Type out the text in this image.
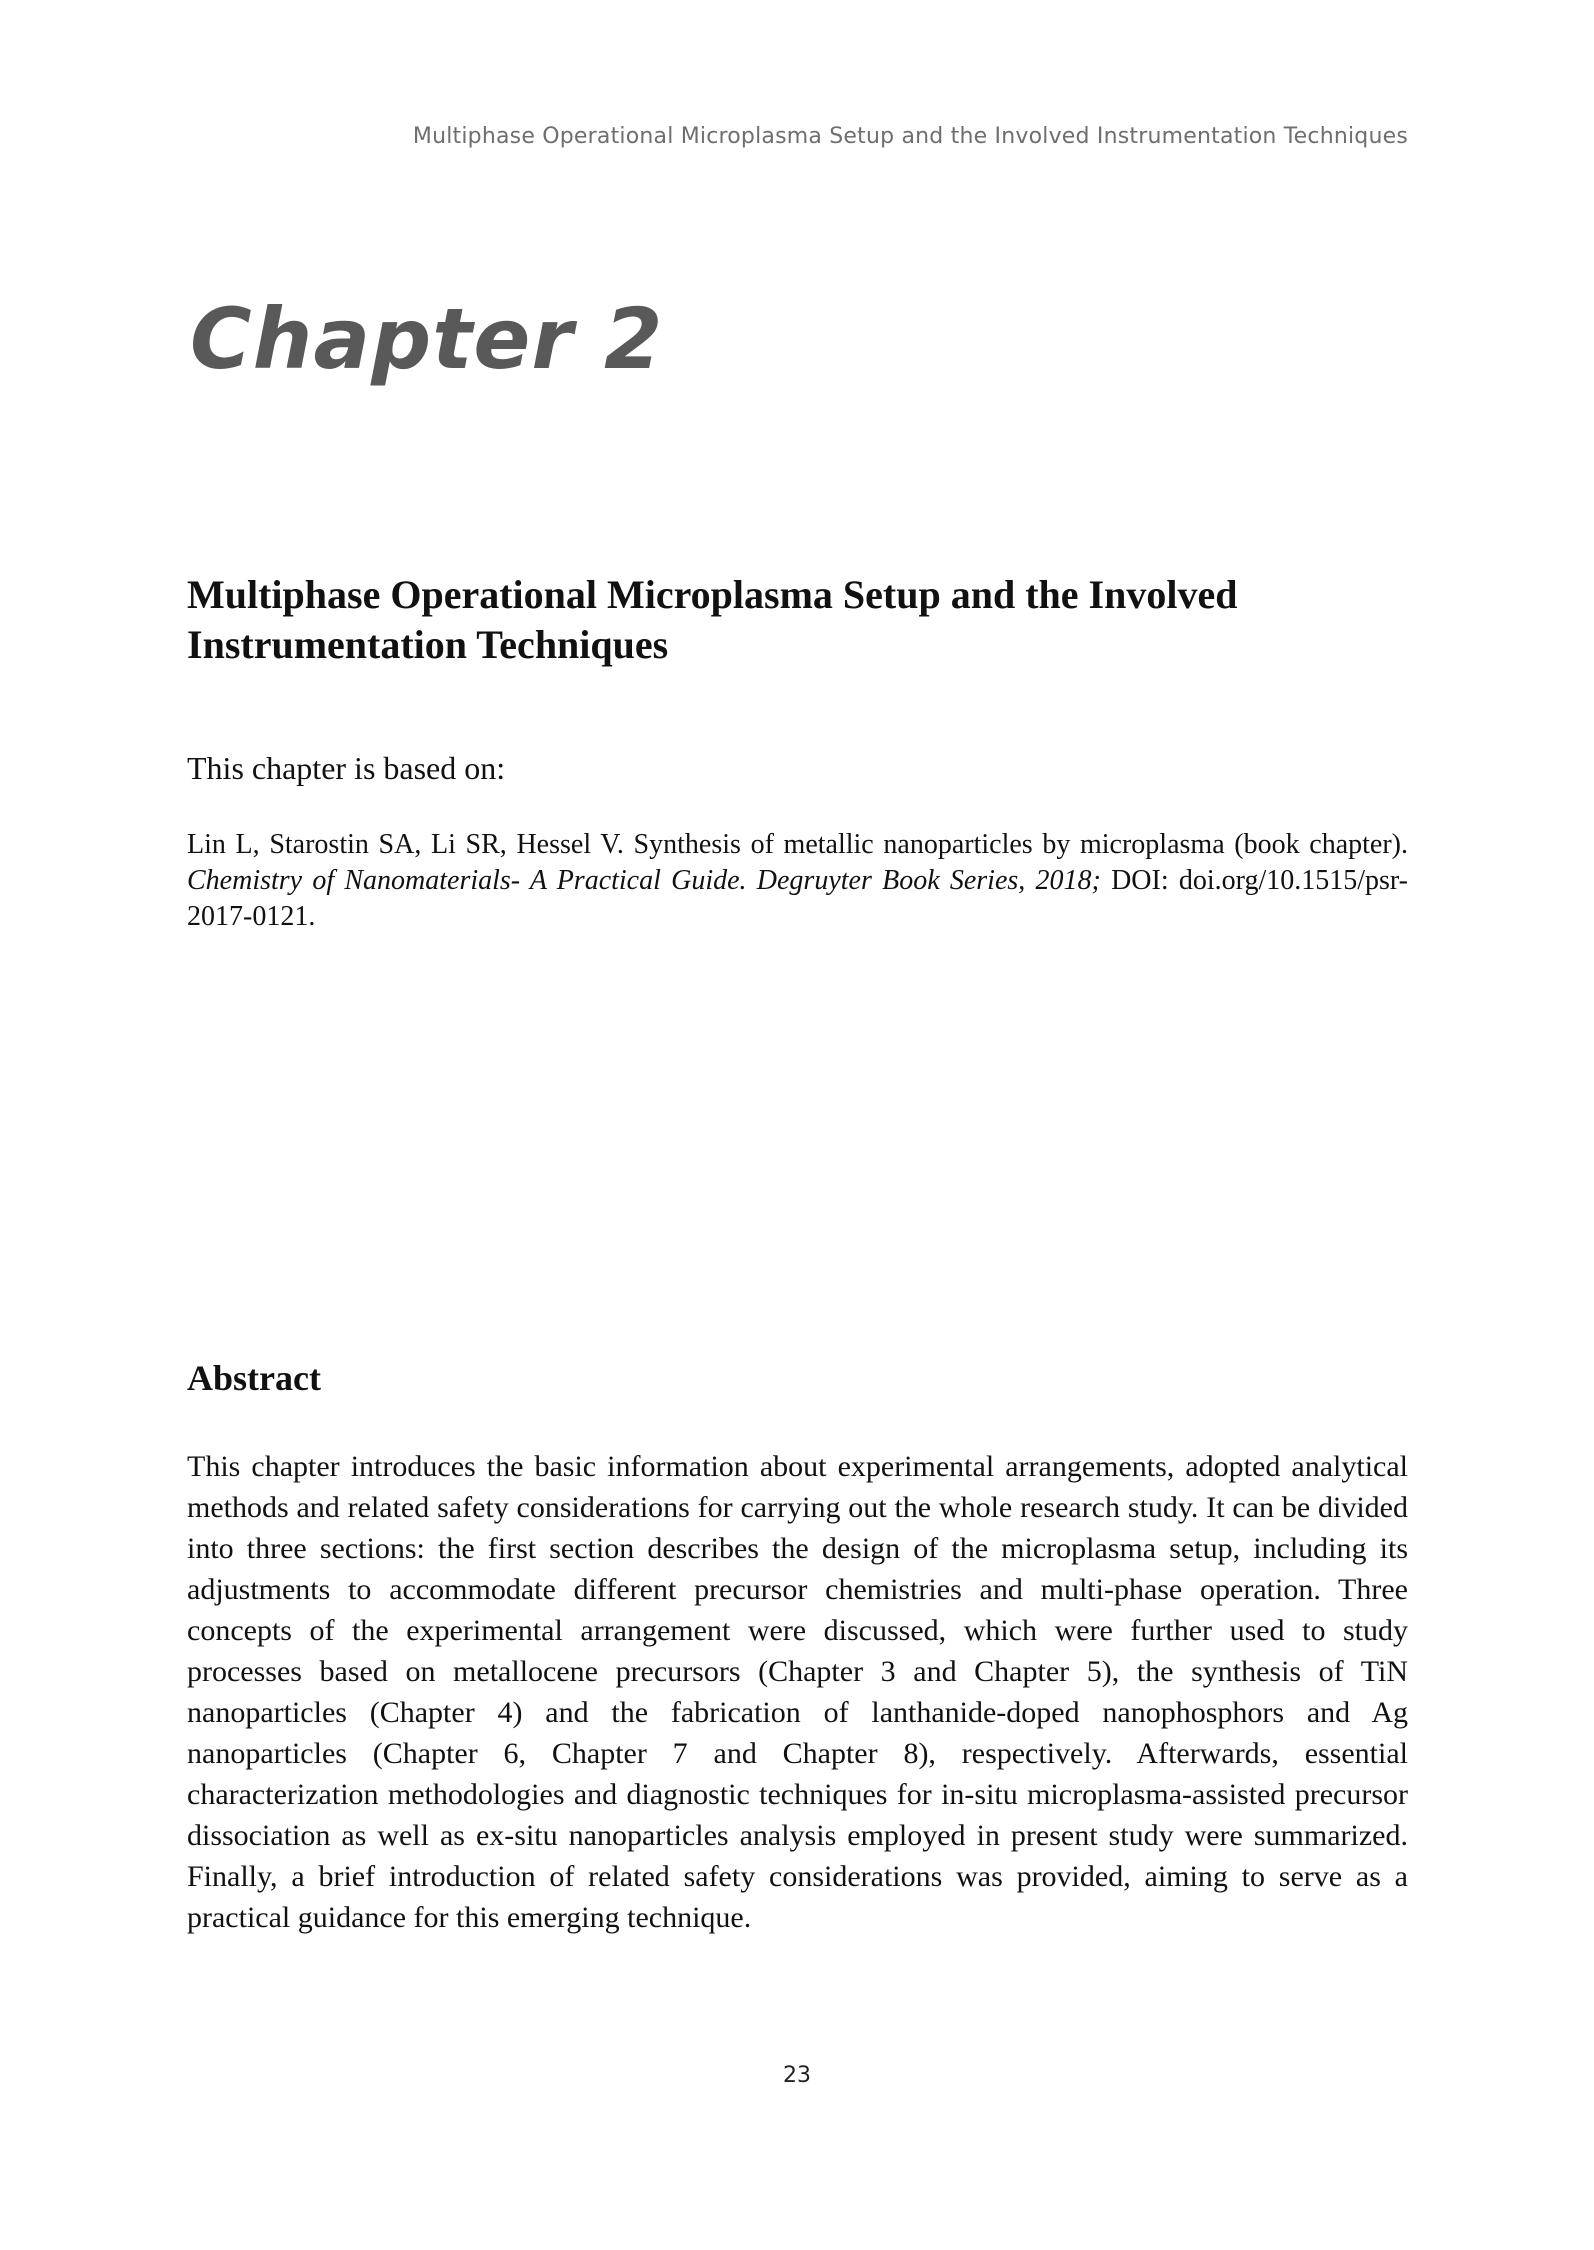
Multiphase Operational Microplasma Setup and the Involved Instrumentation Techniques
Chapter 2
Multiphase Operational Microplasma Setup and the Involved
Instrumentation Techniques
This chapter is based on:
Lin L, Starostin SA, Li SR, Hessel V. Synthesis of metallic nanoparticles by microplasma (book chapter). Chemistry of Nanomaterials- A Practical Guide. Degruyter Book Series, 2018; DOI: doi.org/10.1515/psr-2017-0121.
Abstract
This chapter introduces the basic information about experimental arrangements, adopted analytical methods and related safety considerations for carrying out the whole research study. It can be divided into three sections: the first section describes the design of the microplasma setup, including its adjustments to accommodate different precursor chemistries and multi-phase operation. Three concepts of the experimental arrangement were discussed, which were further used to study processes based on metallocene precursors (Chapter 3 and Chapter 5), the synthesis of TiN nanoparticles (Chapter 4) and the fabrication of lanthanide-doped nanophosphors and Ag nanoparticles (Chapter 6, Chapter 7 and Chapter 8), respectively. Afterwards, essential characterization methodologies and diagnostic techniques for in-situ microplasma-assisted precursor dissociation as well as ex-situ nanoparticles analysis employed in present study were summarized. Finally, a brief introduction of related safety considerations was provided, aiming to serve as a practical guidance for this emerging technique.
23
